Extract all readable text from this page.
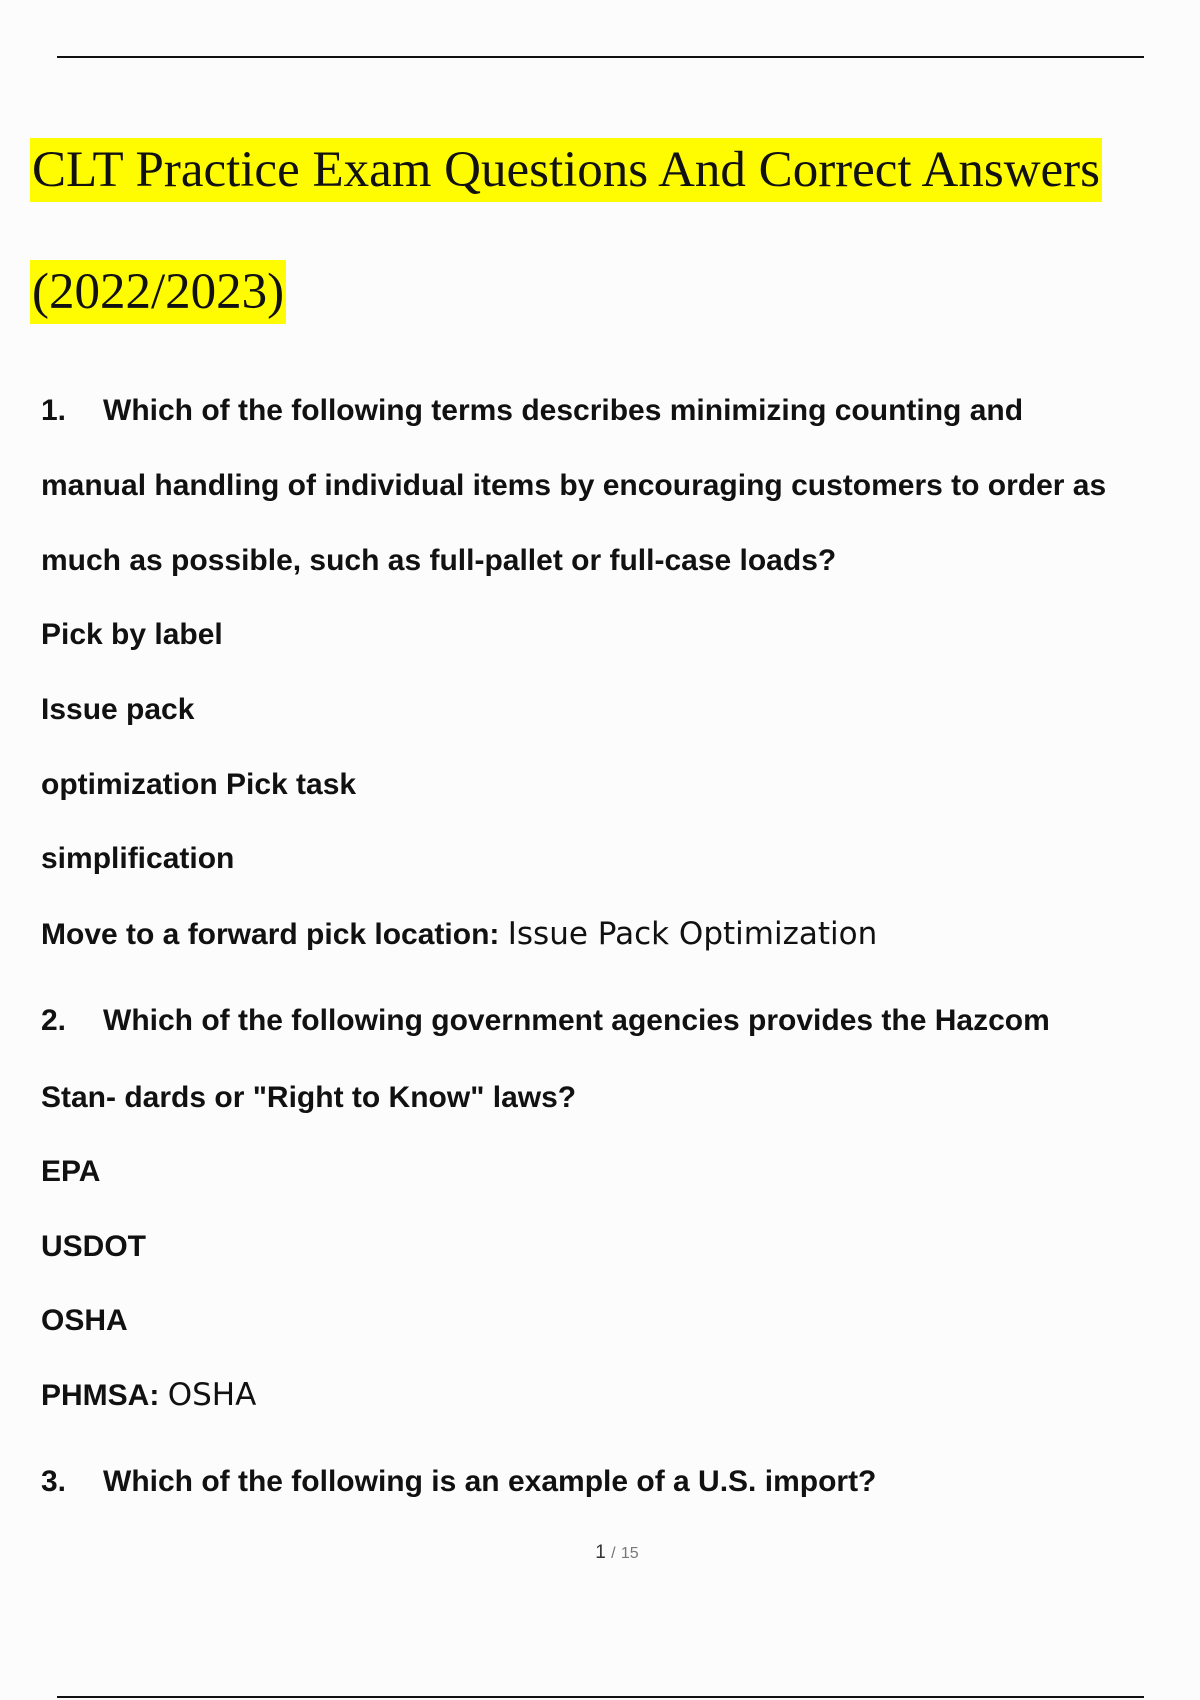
CLT Practice Exam Questions And Correct Answers
(2022/2023)
1. Which of the following terms describes minimizing counting and
manual handling of individual items by encouraging customers to order as
much as possible, such as full-pallet or full-case loads?
Pick by label
Issue pack
optimization Pick task
simplification
Move to a forward pick location: Issue Pack Optimization
2. Which of the following government agencies provides the Hazcom
Stan- dards or "Right to Know" laws?
EPA
USDOT
OSHA
PHMSA: OSHA
3. Which of the following is an example of a U.S. import?
1 / 15
